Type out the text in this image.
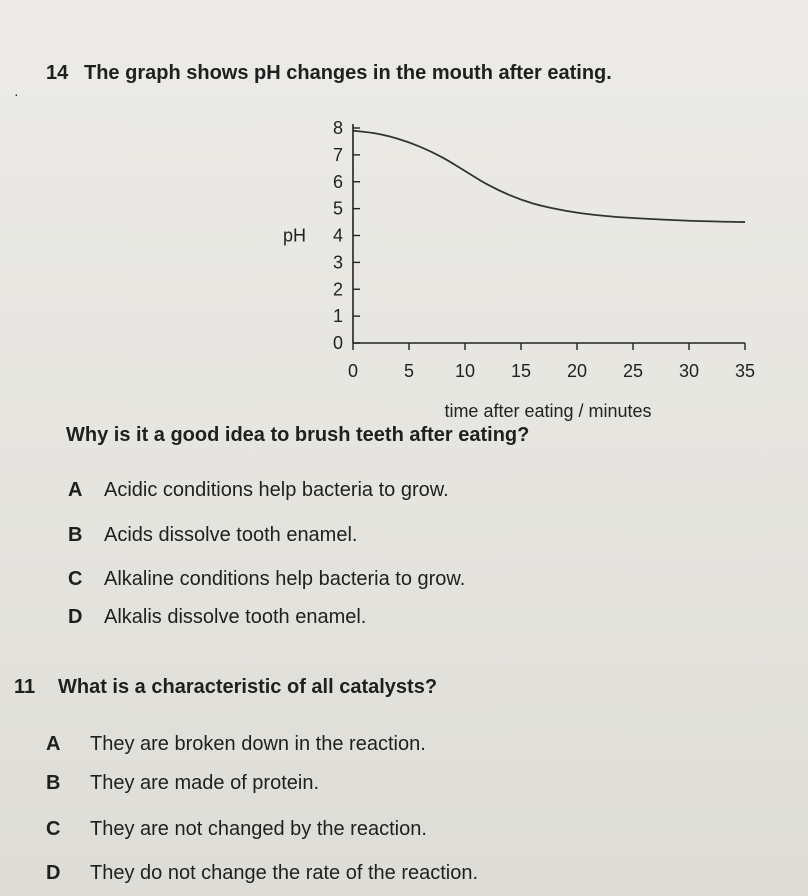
·
14 The graph shows pH changes in the mouth after eating.
0
1
2
3
4
5
6
7
8
0	5 10 15 20 25 30 35
pH
time after eating / minutes
Why is it a good idea to brush teeth after eating?
A Acidic conditions help bacteria to grow.
B Acids dissolve tooth enamel.
C Alkaline conditions help bacteria to grow.
D Alkalis dissolve tooth enamel.
11 What is a characteristic of all catalysts?
A They are broken down in the reaction.
B They are made of protein.
C They are not changed by the reaction.
D They do not change the rate of the reaction.
